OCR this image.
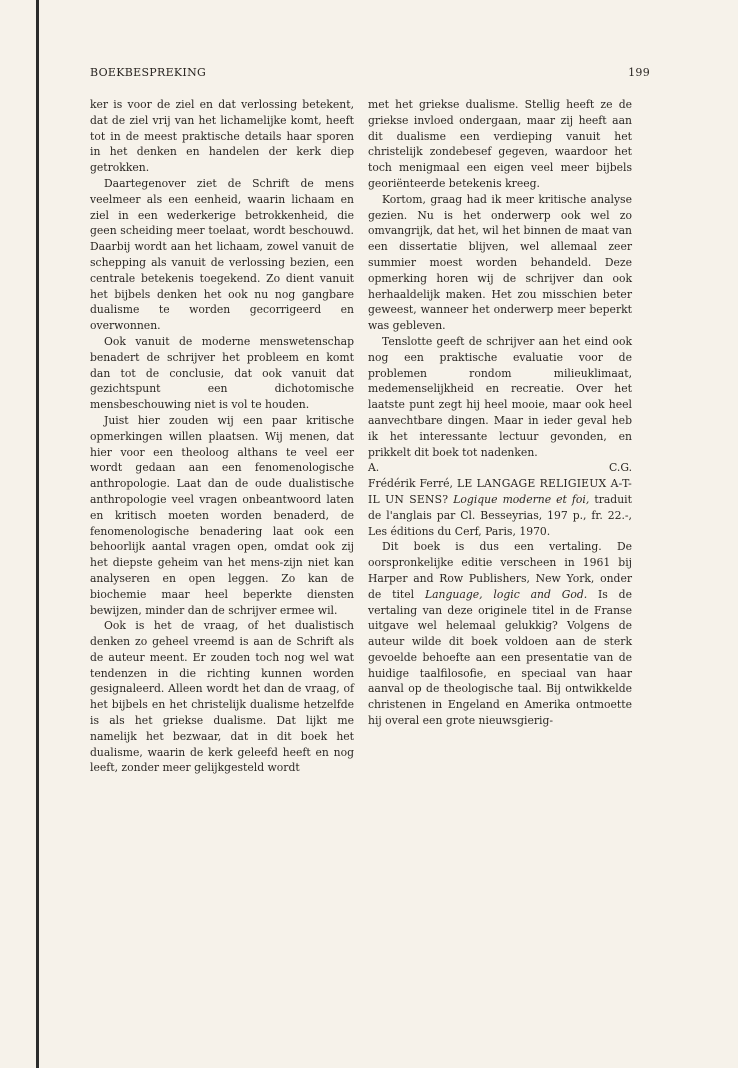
BOEKBESPREKING	199

ker is voor de ziel en dat verlossing betekent, dat de ziel vrij van het lichamelijke komt, heeft tot in de meest praktische details haar sporen in het denken en handelen der kerk diep getrokken.

Daartegenover ziet de Schrift de mens veelmeer als een eenheid, waarin lichaam en ziel in een wederkerige betrokkenheid, die geen scheiding meer toelaat, wordt beschouwd. Daarbij wordt aan het lichaam, zowel vanuit de schepping als vanuit de verlossing bezien, een centrale betekenis toegekend. Zo dient vanuit het bijbels denken het ook nu nog gangbare dualisme te worden gecorrigeerd en overwonnen.

Ook vanuit de moderne menswetenschap benadert de schrijver het probleem en komt dan tot de conclusie, dat ook vanuit dat gezichtspunt een dichotomische mensbeschouwing niet is vol te houden.

Juist hier zouden wij een paar kritische opmerkingen willen plaatsen. Wij menen, dat hier voor een theoloog althans te veel eer wordt gedaan aan een fenomenologische anthropologie. Laat dan de oude dualistische anthropologie veel vragen onbeantwoord laten en kritisch moeten worden benaderd, de fenomenologische benadering laat ook een behoorlijk aantal vragen open, omdat ook zij het diepste geheim van het mens-zijn niet kan analyseren en open leggen. Zo kan de biochemie maar heel beperkte diensten bewijzen, minder dan de schrijver ermee wil.

Ook is het de vraag, of het dualistisch denken zo geheel vreemd is aan de Schrift als de auteur meent. Er zouden toch nog wel wat tendenzen in die richting kunnen worden gesignaleerd. Alleen wordt het dan de vraag, of het bijbels en het christelijk dualisme hetzelfde is als het griekse dualisme. Dat lijkt me namelijk het bezwaar, dat in dit boek het dualisme, waarin de kerk geleefd heeft en nog leeft, zonder meer gelijkgesteld wordt

met het griekse dualisme. Stellig heeft ze de griekse invloed ondergaan, maar zij heeft aan dit dualisme een verdieping vanuit het christelijk zondebesef gegeven, waardoor het toch menigmaal een eigen veel meer bijbels georiënteerde betekenis kreeg.

Kortom, graag had ik meer kritische analyse gezien. Nu is het onderwerp ook wel zo omvangrijk, dat het, wil het binnen de maat van een dissertatie blijven, wel allemaal zeer summier moest worden behandeld. Deze opmerking horen wij de schrijver dan ook herhaaldelijk maken. Het zou misschien beter geweest, wanneer het onderwerp meer beperkt was gebleven.

Tenslotte geeft de schrijver aan het eind ook nog een praktische evaluatie voor de problemen rondom milieuklimaat, medemenselijkheid en recreatie. Over het laatste punt zegt hij heel mooie, maar ook heel aanvechtbare dingen. Maar in ieder geval heb ik het interessante lectuur gevonden, en prikkelt dit boek tot nadenken.

A.	C.G.

Frédérik Ferré, LE LANGAGE RELIGIEUX A-T-IL UN SENS? Logique moderne et foi, traduit de l'anglais par Cl. Besseyrias, 197 p., fr. 22.-, Les éditions du Cerf, Paris, 1970.

Dit boek is dus een vertaling. De oorspronkelijke editie verscheen in 1961 bij Harper and Row Publishers, New York, onder de titel Language, logic and God. Is de vertaling van deze originele titel in de Franse uitgave wel helemaal gelukkig? Volgens de auteur wilde dit boek voldoen aan de sterk gevoelde behoefte aan een presentatie van de huidige taalfilosofie, en speciaal van haar aanval op de theologische taal. Bij ontwikkelde christenen in Engeland en Amerika ontmoette hij overal een grote nieuwsgierig-
